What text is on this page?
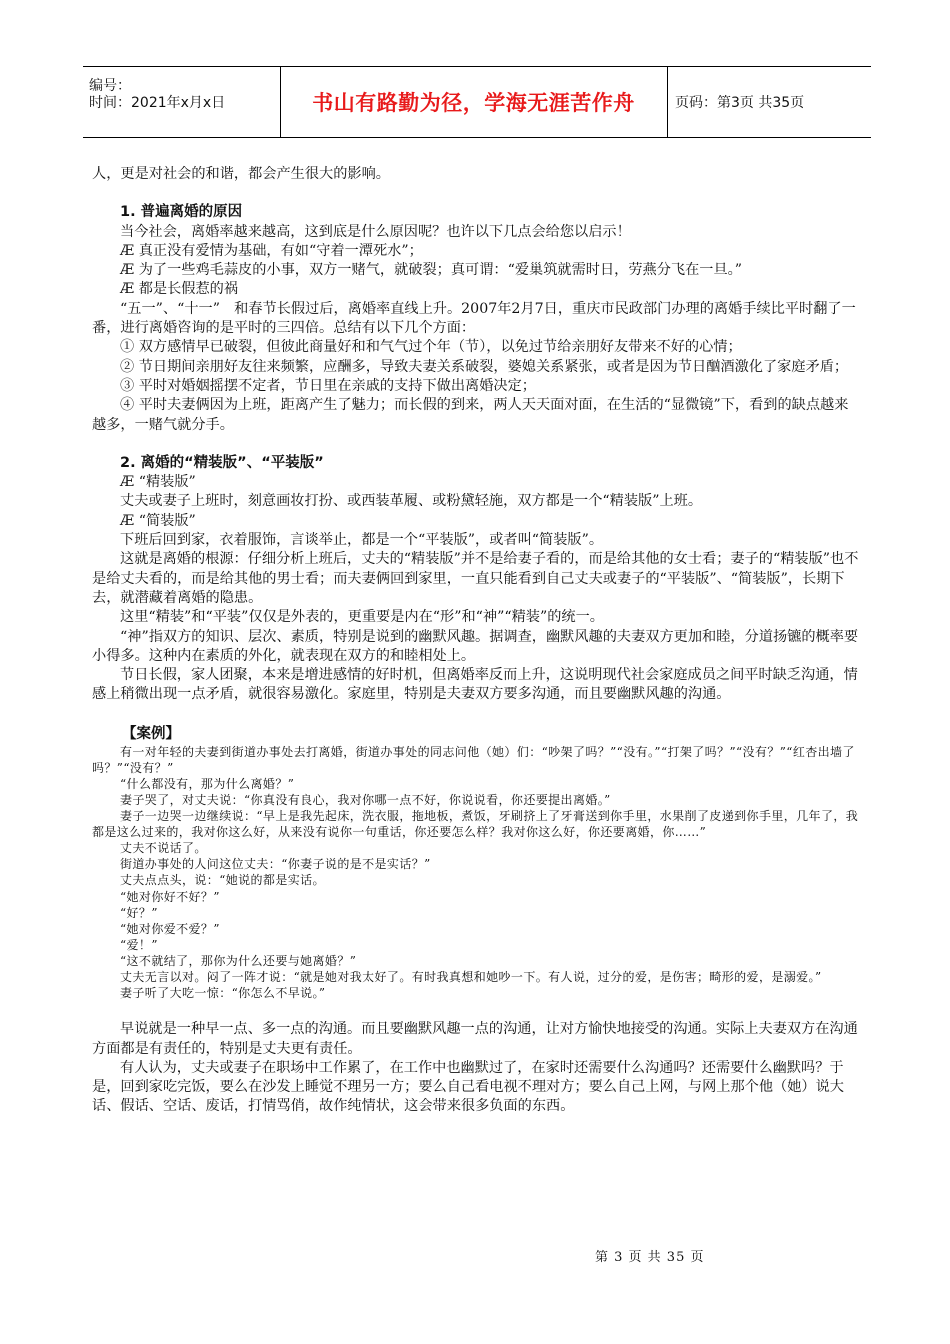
编号：
时间：2021年x月x日	书山有路勤为径，学海无涯苦作舟	页码：第3页 共35页

人，更是对社会的和谐，都会产生很大的影响。

1. 普遍离婚的原因

当今社会，离婚率越来越高，这到底是什么原因呢？也许以下几点会给您以启示！

Æ 真正没有爱情为基础，有如“守着一潭死水”；

Æ 为了一些鸡毛蒜皮的小事，双方一赌气，就破裂；真可谓：“爱巢筑就需时日，劳燕分飞在一旦。”

Æ 都是长假惹的祸

“五一”、“十一”　和春节长假过后，离婚率直线上升。2007年2月7日，重庆市民政部门办理的离婚手续比平时翻了一番，进行离婚咨询的是平时的三四倍。总结有以下几个方面：

① 双方感情早已破裂，但彼此商量好和和气气过个年（节），以免过节给亲朋好友带来不好的心情；

② 节日期间亲朋好友往来频繁，应酬多，导致夫妻关系破裂，婆媳关系紧张，或者是因为节日酗酒激化了家庭矛盾；

③ 平时对婚姻摇摆不定者，节日里在亲戚的支持下做出离婚决定；

④ 平时夫妻俩因为上班，距离产生了魅力；而长假的到来，两人天天面对面，在生活的“显微镜”下，看到的缺点越来越多，一赌气就分手。

2. 离婚的“精装版”、“平装版”

Æ “精装版”

丈夫或妻子上班时，刻意画妆打扮、或西装革履、或粉黛轻施，双方都是一个“精装版”上班。

Æ “简装版”

下班后回到家，衣着服饰，言谈举止，都是一个“平装版”，或者叫“简装版”。

这就是离婚的根源：仔细分析上班后，丈夫的“精装版”并不是给妻子看的，而是给其他的女士看；妻子的“精装版”也不是给丈夫看的，而是给其他的男士看；而夫妻俩回到家里，一直只能看到自己丈夫或妻子的“平装版”、“简装版”，长期下去，就潜藏着离婚的隐患。

这里“精装”和“平装”仅仅是外表的，更重要是内在“形”和“神”“精装”的统一。

“神”指双方的知识、层次、素质，特别是说到的幽默风趣。据调查，幽默风趣的夫妻双方更加和睦，分道扬镳的概率要小得多。这种内在素质的外化，就表现在双方的和睦相处上。

节日长假，家人团聚，本来是增进感情的好时机，但离婚率反而上升，这说明现代社会家庭成员之间平时缺乏沟通，情感上稍微出现一点矛盾，就很容易激化。家庭里，特别是夫妻双方要多沟通，而且要幽默风趣的沟通。

【案例】

有一对年轻的夫妻到街道办事处去打离婚，街道办事处的同志问他（她）们：“吵架了吗？”“没有。”“打架了吗？”“没有？”“红杏出墙了吗？”“没有？”

“什么都没有，那为什么离婚？”

妻子哭了，对丈夫说：“你真没有良心，我对你哪一点不好，你说说看，你还要提出离婚。”

妻子一边哭一边继续说：“早上是我先起床，洗衣服，拖地板，煮饭，牙刷挤上了牙膏送到你手里，水果削了皮递到你手里，几年了，我都是这么过来的，我对你这么好，从来没有说你一句重话，你还要怎么样？我对你这么好，你还要离婚，你……”

丈夫不说话了。

街道办事处的人问这位丈夫：“你妻子说的是不是实话？”

丈夫点点头，说：“她说的都是实话。

“她对你好不好？”

“好？”

“她对你爱不爱？”

“爱！”

“这不就结了，那你为什么还要与她离婚？”

丈夫无言以对。闷了一阵才说：“就是她对我太好了。有时我真想和她吵一下。有人说，过分的爱，是伤害；畸形的爱，是溺爱。”

妻子听了大吃一惊：“你怎么不早说。”

早说就是一种早一点、多一点的沟通。而且要幽默风趣一点的沟通，让对方愉快地接受的沟通。实际上夫妻双方在沟通方面都是有责任的，特别是丈夫更有责任。

有人认为，丈夫或妻子在职场中工作累了，在工作中也幽默过了，在家时还需要什么沟通吗？还需要什么幽默吗？于是，回到家吃完饭，要么在沙发上睡觉不理另一方；要么自己看电视不理对方；要么自己上网，与网上那个他（她）说大话、假话、空话、废话，打情骂俏，故作纯情状，这会带来很多负面的东西。

第 3 页 共 35 页
